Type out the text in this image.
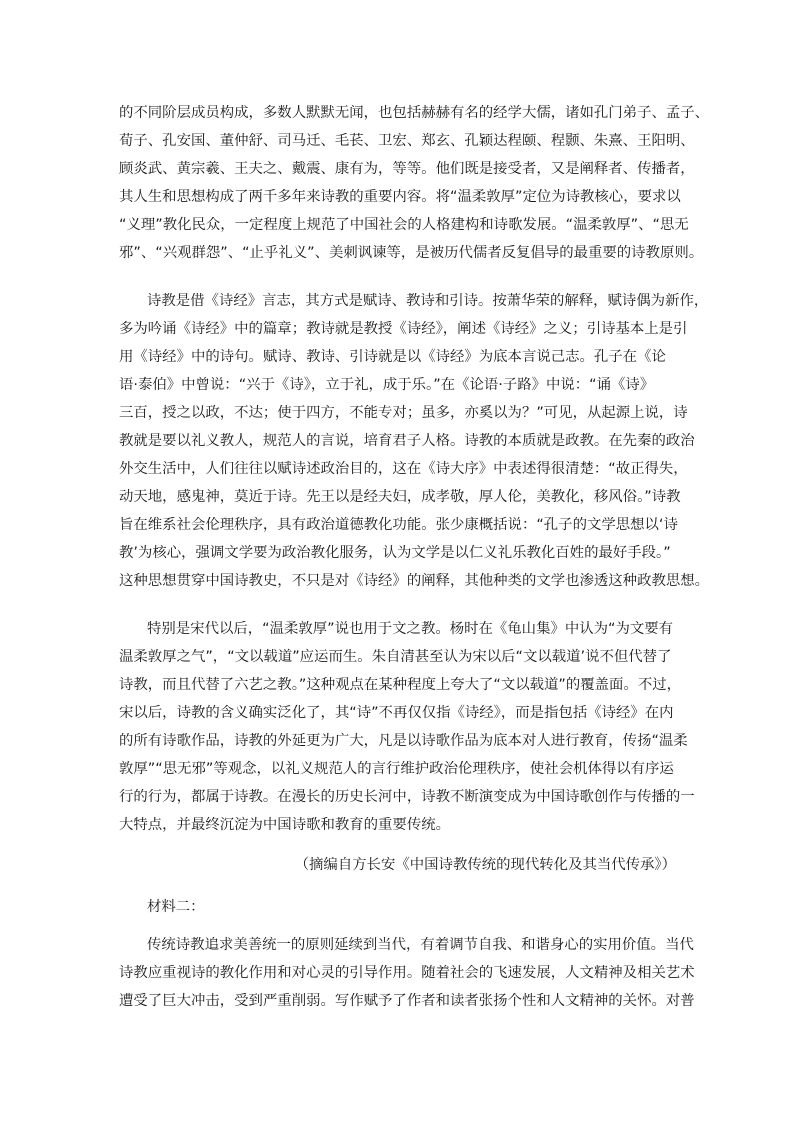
的不同阶层成员构成，多数人默默无闻，也包括赫赫有名的经学大儒，诸如孔门弟子、孟子、
荀子、孔安国、董仲舒、司马迁、毛苌、卫宏、郑玄、孔颖达程颐、程颢、朱熹、王阳明、
顾炎武、黄宗羲、王夫之、戴震、康有为，等等。他们既是接受者，又是阐释者、传播者，
其人生和思想构成了两千多年来诗教的重要内容。将“温柔敦厚”定位为诗教核心，要求以
“义理”教化民众，一定程度上规范了中国社会的人格建构和诗歌发展。“温柔敦厚”、“思无
邪”、“兴观群怨”、“止乎礼义”、美刺讽谏等，是被历代儒者反复倡导的最重要的诗教原则。
诗教是借《诗经》言志，其方式是赋诗、教诗和引诗。按萧华荣的解释，赋诗偶为新作，
多为吟诵《诗经》中的篇章；教诗就是教授《诗经》，阐述《诗经》之义；引诗基本上是引
用《诗经》中的诗句。赋诗、教诗、引诗就是以《诗经》为底本言说己志。孔子在《论
语·泰伯》中曾说：“兴于《诗》，立于礼，成于乐。”在《论语·子路》中说：“诵《诗》
三百，授之以政，不达；使于四方，不能专对；虽多，亦奚以为？”可见，从起源上说，诗
教就是要以礼义教人，规范人的言说，培育君子人格。诗教的本质就是政教。在先秦的政治
外交生活中，人们往往以赋诗述政治目的，这在《诗大序》中表述得很清楚：“故正得失，
动天地，感鬼神，莫近于诗。先王以是经夫妇，成孝敬，厚人伦，美教化，移风俗。”诗教
旨在维系社会伦理秩序，具有政治道德教化功能。张少康概括说：“孔子的文学思想以‘诗
教’为核心，强调文学要为政治教化服务，认为文学是以仁义礼乐教化百姓的最好手段。”
这种思想贯穿中国诗教史，不只是对《诗经》的阐释，其他种类的文学也渗透这种政教思想。
特别是宋代以后，“温柔敦厚”说也用于文之教。杨时在《龟山集》中认为“为文要有
温柔敦厚之气”，“文以载道”应运而生。朱自清甚至认为宋以后“文以载道’说不但代替了
诗教，而且代替了六艺之教。”这种观点在某种程度上夸大了“文以载道”的覆盖面。不过，
宋以后，诗教的含义确实泛化了，其“诗”不再仅仅指《诗经》，而是指包括《诗经》在内
的所有诗歌作品，诗教的外延更为广大，凡是以诗歌作品为底本对人进行教育，传扬“温柔
敦厚”“思无邪”等观念，以礼义规范人的言行维护政治伦理秩序，使社会机体得以有序运
行的行为，都属于诗教。在漫长的历史长河中，诗教不断演变成为中国诗歌创作与传播的一
大特点，并最终沉淀为中国诗歌和教育的重要传统。
（摘编自方长安《中国诗教传统的现代转化及其当代传承》）
材料二：
传统诗教追求美善统一的原则延续到当代，有着调节自我、和谐身心的实用价值。当代
诗教应重视诗的教化作用和对心灵的引导作用。随着社会的飞速发展，人文精神及相关艺术
遭受了巨大冲击，受到严重削弱。写作赋予了作者和读者张扬个性和人文精神的关怀。对普
